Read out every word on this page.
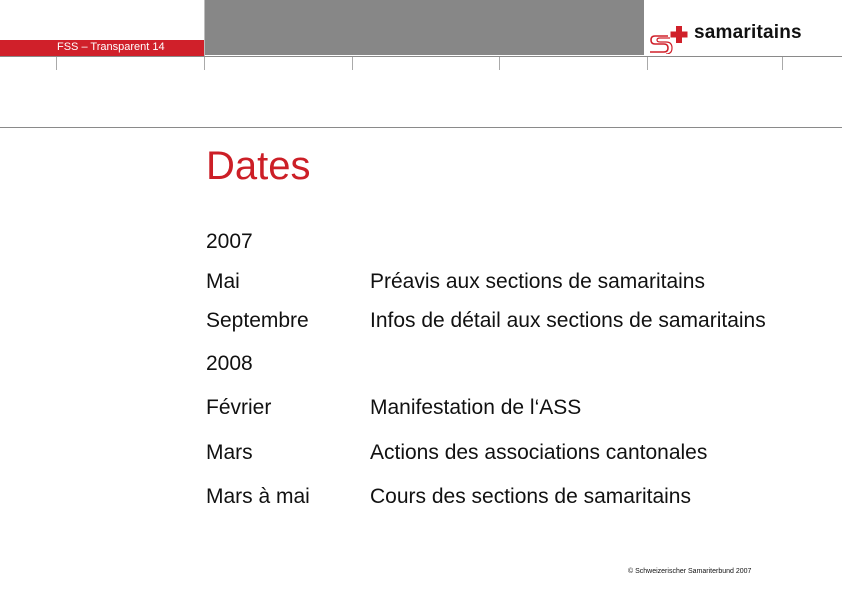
FSS – Transparent 14
samaritains
Dates
2007
Mai	Préavis aux sections de samaritains
Septembre	Infos de détail aux sections de samaritains
2008
Février	Manifestation de l‘ASS
Mars	Actions des associations cantonales
Mars à mai	Cours des sections de samaritains
© Schweizerischer Samariterbund 2007
